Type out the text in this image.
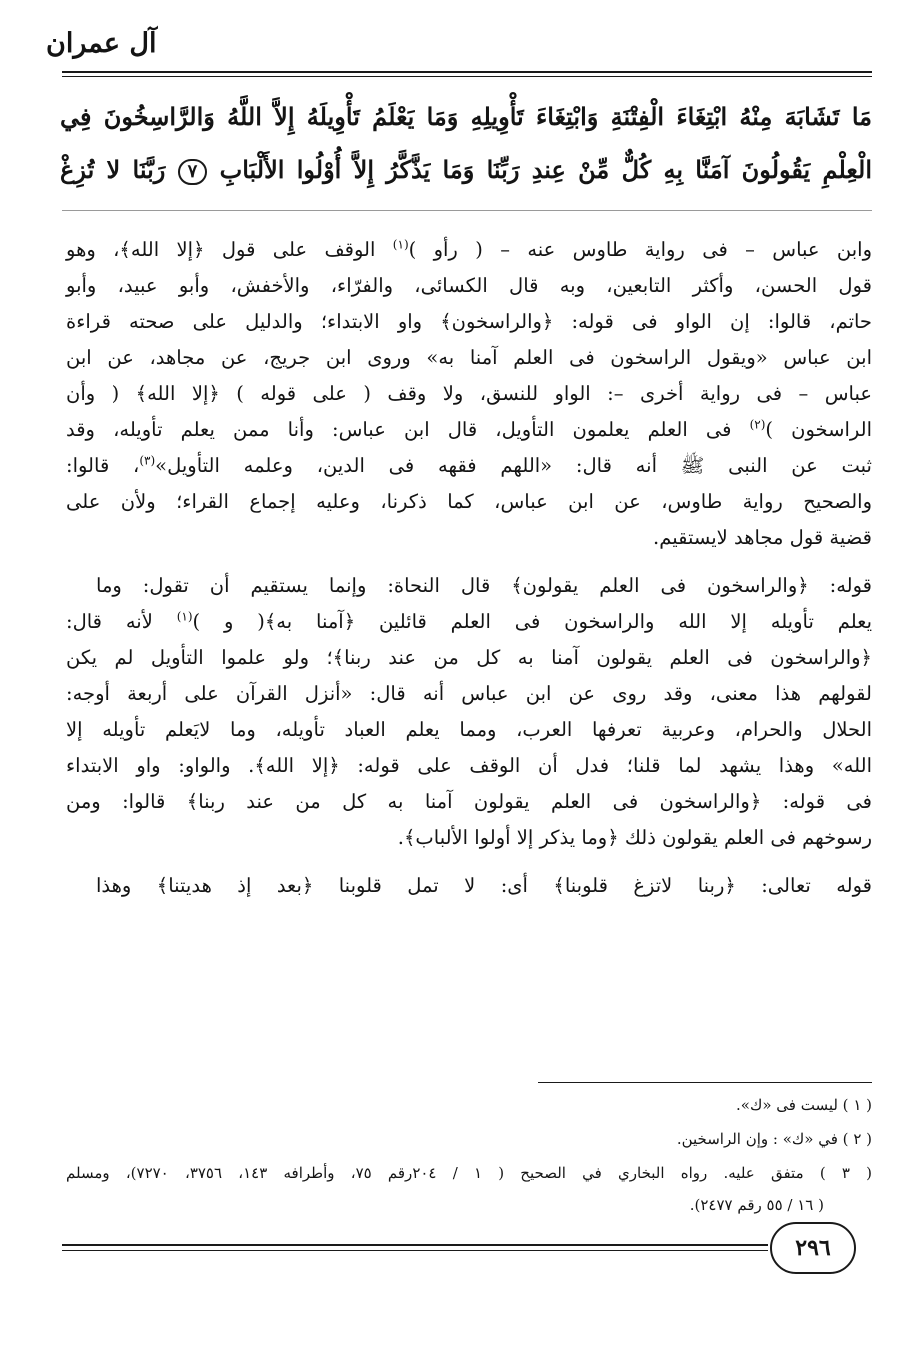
آل عمران
مَا تَشَابَهَ مِنْهُ ابْتِغَاءَ الْفِتْنَةِ وَابْتِغَاءَ تَأْوِيلِهِ وَمَا يَعْلَمُ تَأْوِيلَهُ إِلاَّ اللَّهُ وَالرَّاسِخُونَ فِي
الْعِلْمِ يَقُولُونَ آمَنَّا بِهِ كُلٌّ مِّنْ عِندِ رَبِّنَا وَمَا يَذَّكَّرُ إِلاَّ أُوْلُوا الأَلْبَابِ ٧ رَبَّنَا لا تُزِغْ
وابن عباس – فى رواية طاوس عنه – ( رأو )$^{(١)}$ الوقف على قول ﴿إلا الله﴾، وهو
قول الحسن، وأكثر التابعين، وبه قال الكسائى، والفرّاء، والأخفش، وأبو عبيد، وأبو
حاتم، قالوا: إن الواو فى قوله: ﴿والراسخون﴾ واو الابتداء؛ والدليل على صحته قراءة
ابن عباس «ويقول الراسخون فى العلم آمنا به» وروى ابن جريج، عن مجاهد، عن ابن
عباس – فى رواية أخرى –: الواو للنسق، ولا وقف ( على قوله ) ﴿إلا الله﴾ ( وأن
الراسخون )$^{(٢)}$ فى العلم يعلمون التأويل، قال ابن عباس: وأنا ممن يعلم تأويله، وقد
ثبت عن النبى ﷺ أنه قال: «اللهم فقهه فى الدين، وعلمه التأويل»$^{(٣)}$، قالوا:
والصحيح رواية طاوس، عن ابن عباس، كما ذكرنا، وعليه إجماع القراء؛ ولأن على
قضية قول مجاهد لايستقيم.
قوله: ﴿والراسخون فى العلم يقولون﴾ قال النحاة: وإنما يستقيم أن تقول: وما
يعلم تأويله إلا الله والراسخون فى العلم قائلين ﴿آمنا به﴾( و )$^{(١)}$ لأنه قال:
﴿والراسخون فى العلم يقولون آمنا به كل من عند ربنا﴾؛ ولو علموا التأويل لم يكن
لقولهم هذا معنى، وقد روى عن ابن عباس أنه قال: «أنزل القرآن على أربعة أوجه:
الحلال والحرام، وعربية تعرفها العرب، ومما يعلم العباد تأويله، وما لايَعلم تأويله إلا
الله» وهذا يشهد لما قلنا؛ فدل أن الوقف على قوله: ﴿إلا الله﴾. والواو: واو الابتداء
فى قوله: ﴿والراسخون فى العلم يقولون آمنا به كل من عند ربنا﴾ قالوا: ومن
رسوخهم فى العلم يقولون ذلك ﴿وما يذكر إلا أولوا الألباب﴾.
قوله تعالى: ﴿ربنا لاتزغ قلوبنا﴾ أى: لا تمل قلوبنا ﴿بعد إذ هديتنا﴾ وهذا
( ١ ) ليست فى «ك».
( ٢ ) في «ك» : وإن الراسخين.
( ٣ ) متفق عليه. رواه البخاري في الصحيح ( ١ / ٢٠٤رقم ٧٥، وأطرافه ١٤٣، ٣٧٥٦، ٧٢٧٠)، ومسلم
( ١٦ / ٥٥ رقم ٢٤٧٧).
٢٩٦
